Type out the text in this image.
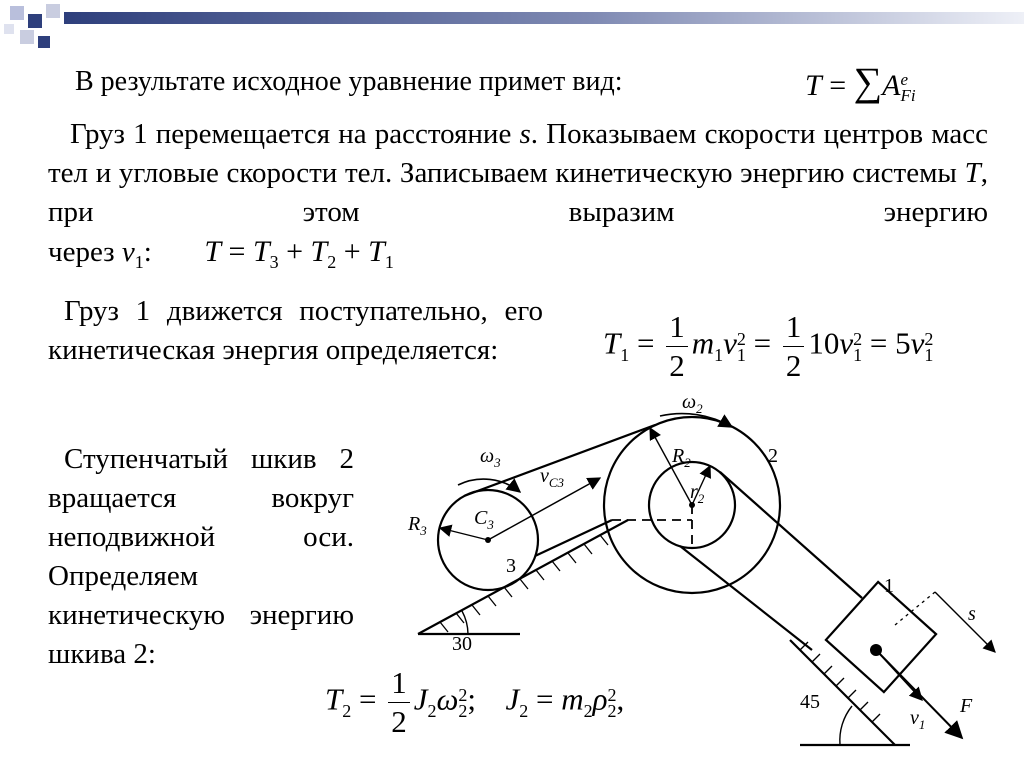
В результате исходное уравнение примет вид:	T = ∑A e
Fi

Груз 1 перемещается на расстояние s. Показываем скорости центров масс тел и угловые скорости тел. Записываем кинетическую энергию системы T, при этом выразим энергию

через $v_1$: $T = T_3 + T_2 + T_1$

Груз 1 движется поступательно, его кинетическая энергия определяется:	$T_1 = \frac{1}{2} m_1v$ 2
$1 = \frac{1}{2} 10v$ 2
1 = 5v 2
1

Ступенчатый шкив 2 вращается вокруг неподвижной оси. Определяем кинетическую энергию шкива 2:

$T_2 = \frac{1}{2} J_2\omega$ 2
2 ; $J_2 = m_2\rho$ 2
2 ,
$\omega_2$
$R_2$
$r_2$
$\omega_3$
$v_{C3}$
$R_3$
$C_3$
s
F
$v_1$
2
3
30
1
45
